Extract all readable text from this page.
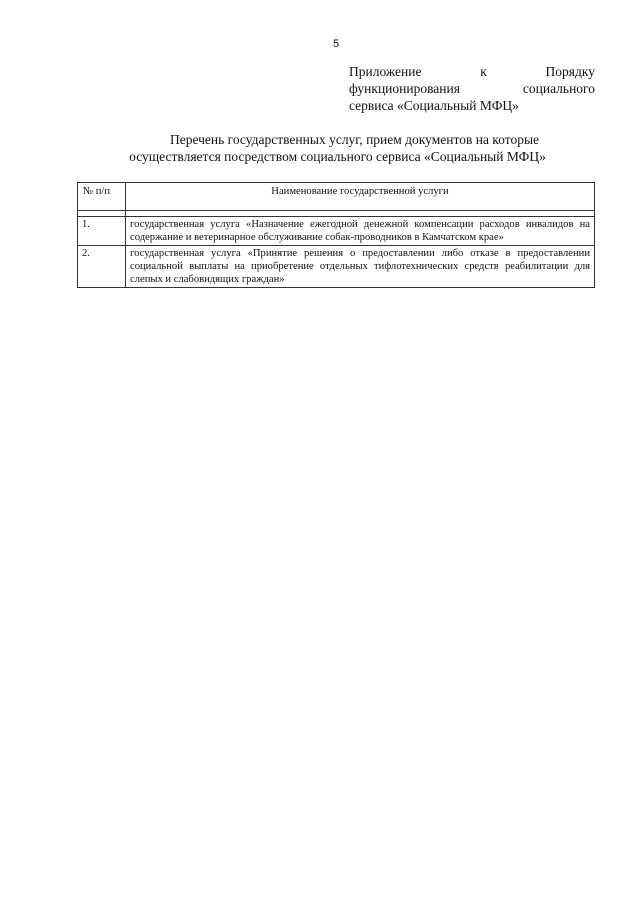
5
Приложение к Порядку
функционирования социального
сервиса «Социальный МФЦ»
Перечень государственных услуг, прием документов на которые
осуществляется посредством социального сервиса «Социальный МФЦ»
№ п/п	Наименование государственной услуги

1.	государственная услуга «Назначение ежегодной денежной компенсации расходов инвалидов на содержание и ветеринарное обслуживание собак-проводников в Камчатском крае»
2.	государственная услуга «Принятие решения о предоставлении либо отказе в предоставлении социальной выплаты на приобретение отдельных тифлотехнических средств реабилитации для слепых и слабовидящих граждан»
